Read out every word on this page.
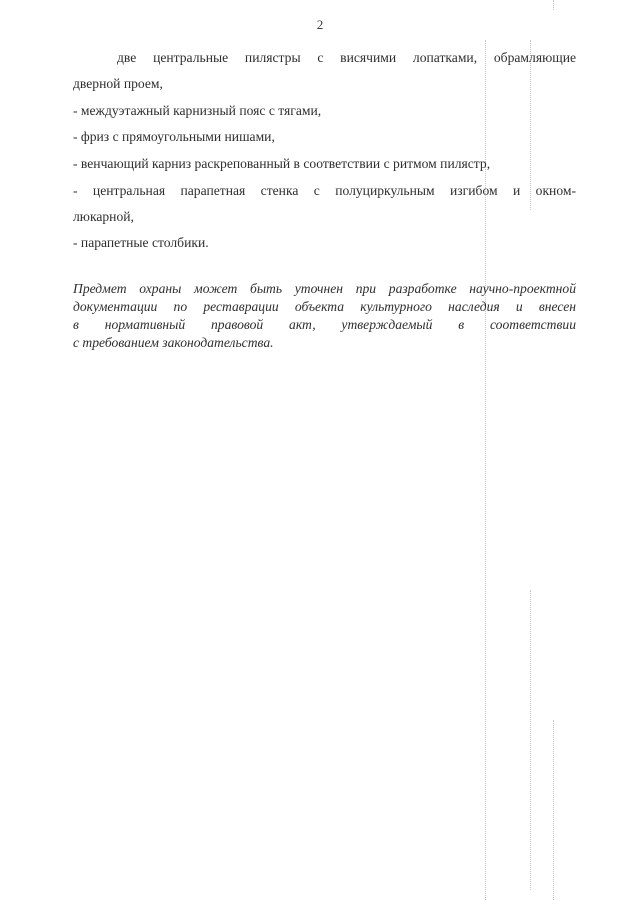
2
две центральные пилястры с висячими лопатками, обрамляющие
дверной проем,
- междуэтажный карнизный пояс с тягами,
- фриз с прямоугольными нишами,
- венчающий карниз раскрепованный в соответствии с ритмом пилястр,
- центральная парапетная стенка с полуциркульным изгибом и окном-
люкарной,
- парапетные столбики.
Предмет охраны может быть уточнен при разработке научно-проектной
документации по реставрации объекта культурного наследия и внесен
в нормативный правовой акт, утверждаемый в соответствии
с требованием законодательства.
